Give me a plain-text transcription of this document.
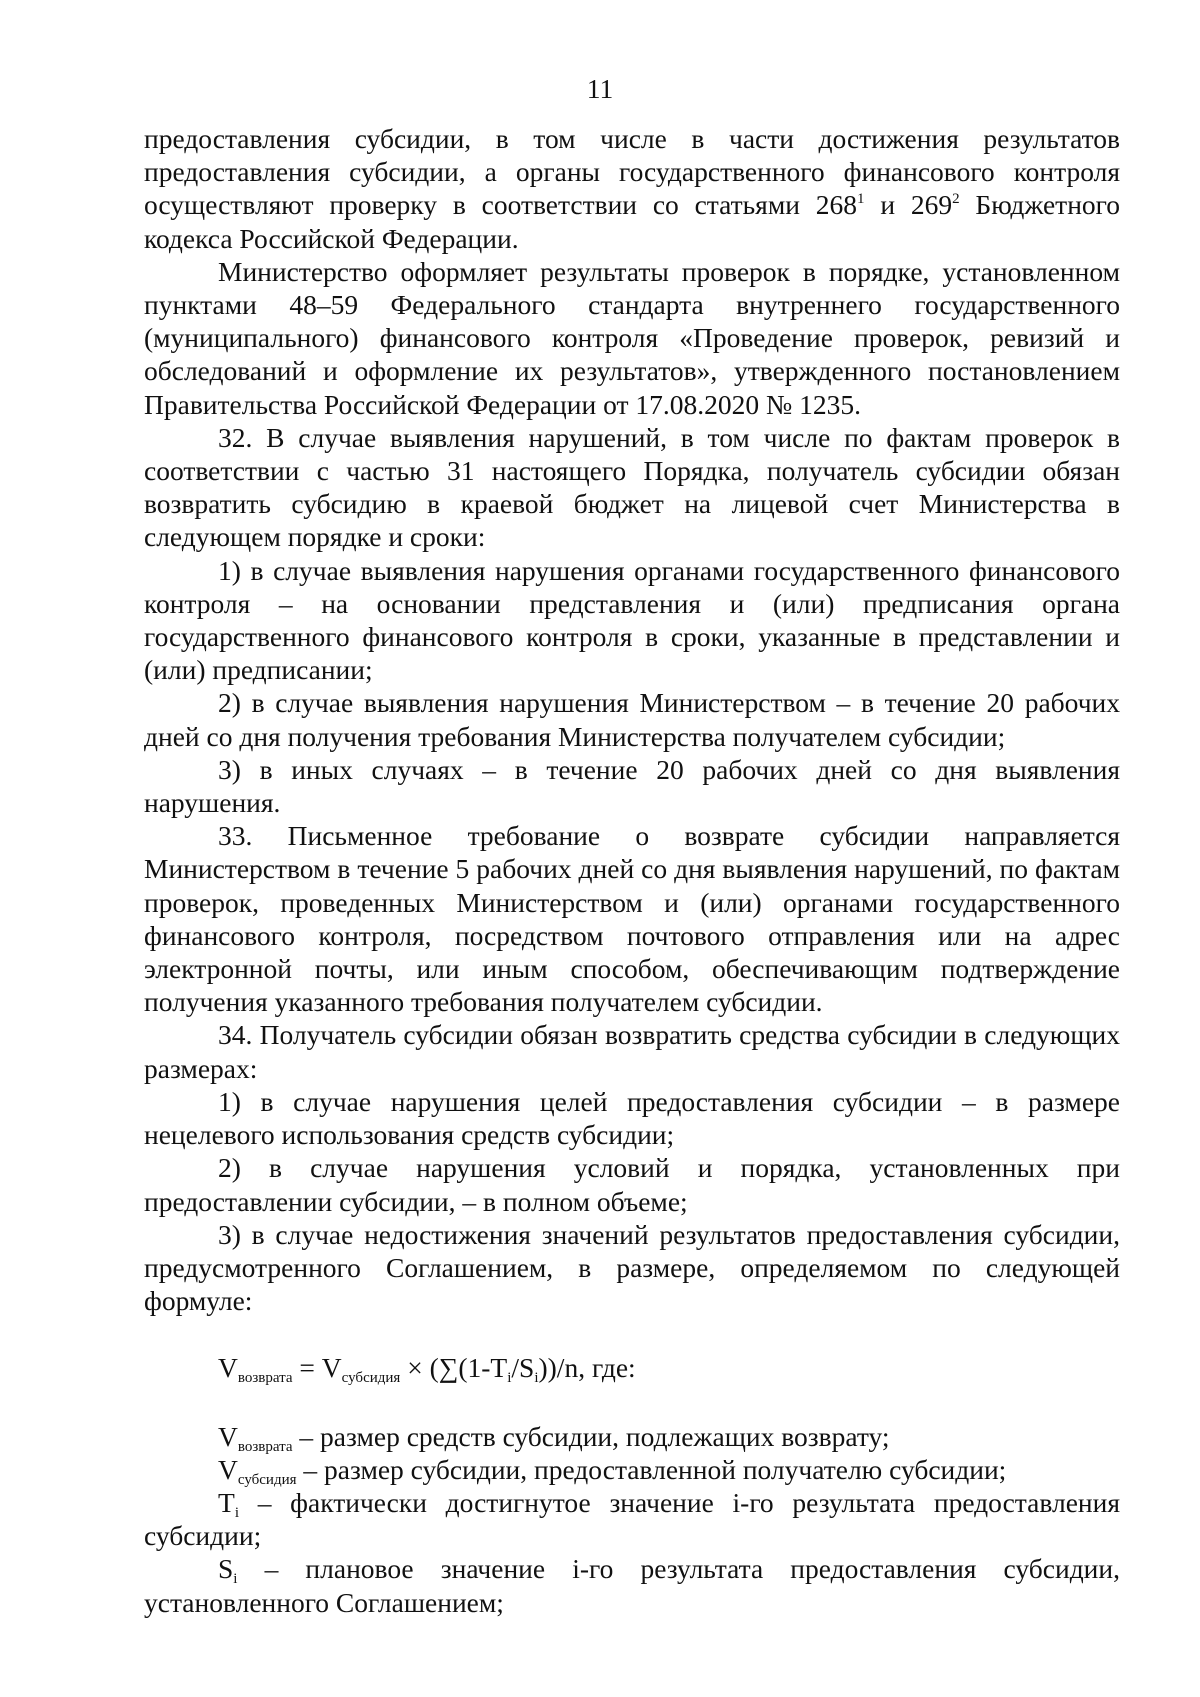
11

предоставления субсидии, в том числе в части достижения результатов предоставления субсидии, а органы государственного финансового контроля осуществляют проверку в соответствии со статьями $268^1$ и $269^2$ Бюджетного кодекса Российской Федерации.

Министерство оформляет результаты проверок в порядке, установленном пунктами 48–59 Федерального стандарта внутреннего государственного (муниципального) финансового контроля «Проведение проверок, ревизий и обследований и оформление их результатов», утвержденного постановлением Правительства Российской Федерации от 17.08.2020 № 1235.

32. В случае выявления нарушений, в том числе по фактам проверок в соответствии с частью 31 настоящего Порядка, получатель субсидии обязан возвратить субсидию в краевой бюджет на лицевой счет Министерства в следующем порядке и сроки:

1) в случае выявления нарушения органами государственного финансового контроля – на основании представления и (или) предписания органа государственного финансового контроля в сроки, указанные в представлении и (или) предписании;

2) в случае выявления нарушения Министерством – в течение 20 рабочих дней со дня получения требования Министерства получателем субсидии;

3) в иных случаях – в течение 20 рабочих дней со дня выявления нарушения.

33. Письменное требование о возврате субсидии направляется Министерством в течение 5 рабочих дней со дня выявления нарушений, по фактам проверок, проведенных Министерством и (или) органами государственного финансового контроля, посредством почтового отправления или на адрес электронной почты, или иным способом, обеспечивающим подтверждение получения указанного требования получателем субсидии.

34. Получатель субсидии обязан возвратить средства субсидии в следующих размерах:

1) в случае нарушения целей предоставления субсидии – в размере нецелевого использования средств субсидии;

2) в случае нарушения условий и порядка, установленных при предоставлении субсидии, – в полном объеме;

3) в случае недостижения значений результатов предоставления субсидии, предусмотренного Соглашением, в размере, определяемом по следующей формуле:

$V_{возврата} = V_{субсидия} \times (\sum(1-T_i/S_i))/n$, где:

$V_{возврата}$ – размер средств субсидии, подлежащих возврату;

$V_{субсидия}$ – размер субсидии, предоставленной получателю субсидии;

$T_i$ – фактически достигнутое значение i-го результата предоставления субсидии;

$S_i$ – плановое значение i-го результата предоставления субсидии, установленного Соглашением;
